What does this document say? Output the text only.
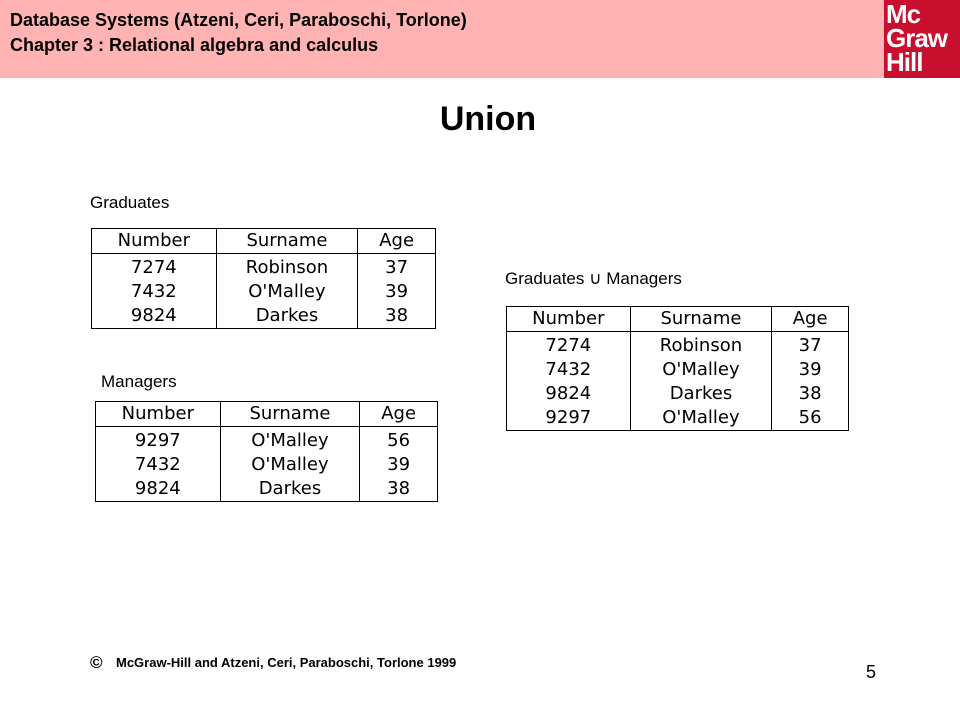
Database Systems (Atzeni, Ceri, Paraboschi, Torlone)
Chapter 3 : Relational algebra and calculus
Mc
Graw
Hill
Union
Graduates
Number	Surname	Age
7274	Robinson	37
7432	O'Malley	39
9824	Darkes	38
Managers
Number	Surname	Age
9297	O'Malley	56
7432	O'Malley	39
9824	Darkes	38
Graduates ∪ Managers
Number	Surname	Age
7274	Robinson	37
7432	O'Malley	39
9824	Darkes	38
9297	O'Malley	56
© McGraw-Hill and Atzeni, Ceri, Paraboschi, Torlone 1999	5
